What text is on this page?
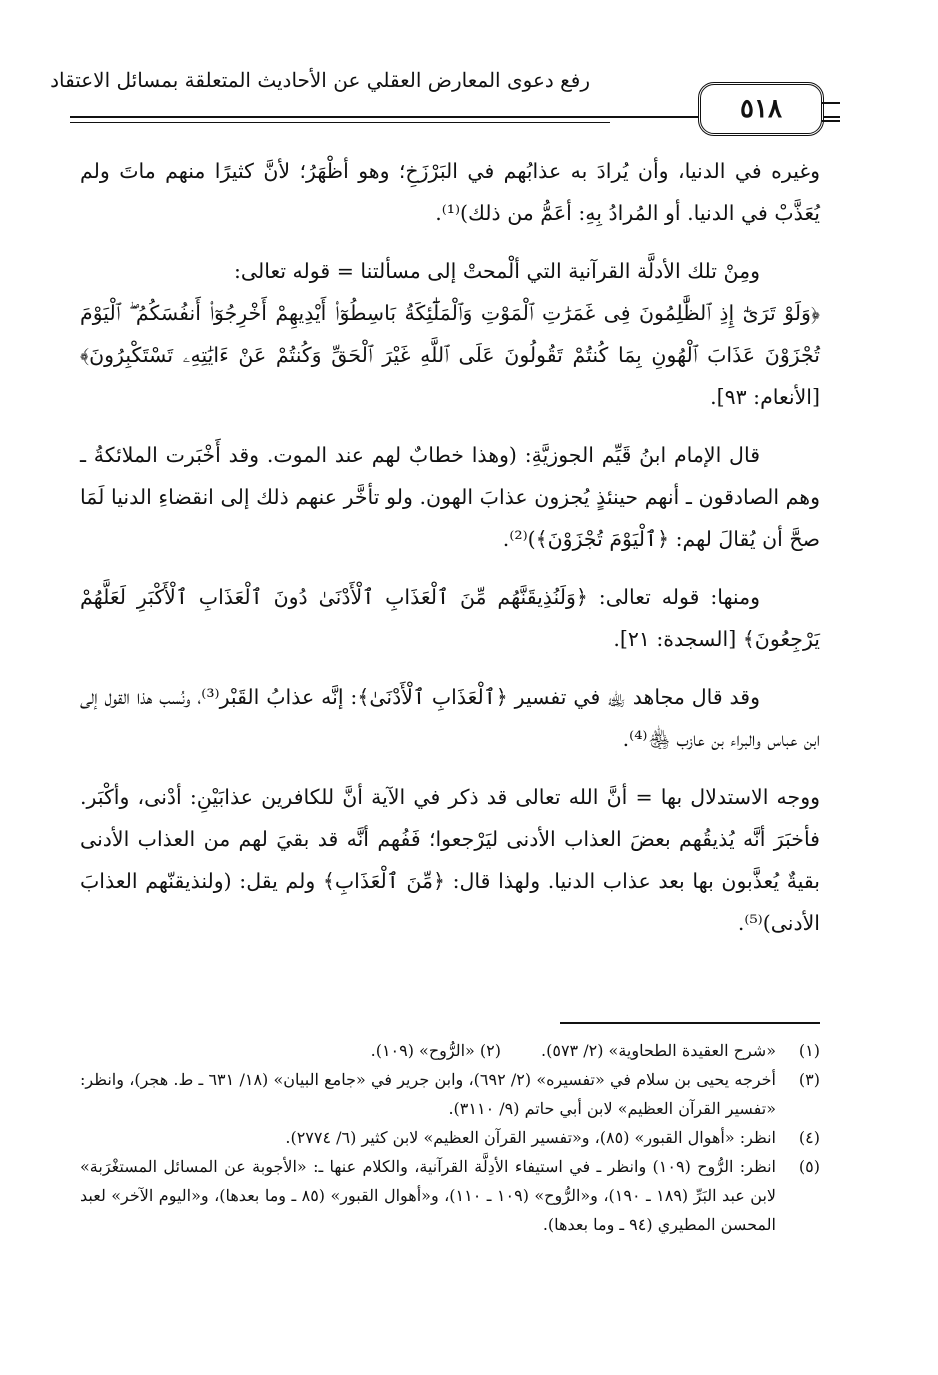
رفع دعوى المعارض العقلي عن الأحاديث المتعلقة بمسائل الاعتقاد
٥١٨

وغيره في الدنيا، وأن يُرادَ به عذابُهم في البَرْزَخِ؛ وهو أظْهَرُ؛ لأنَّ كثيرًا منهم ماتَ ولم يُعَذَّبْ في الدنيا. أو المُرادُ بِهِ: أعَمُّ من ذلك)⁽¹⁾.

ومِنْ تلك الأدلَّة القرآنية التي ألْمحتْ إلى مسألتنا = قوله تعالى:
﴿وَلَوْ تَرَىٰٓ إِذِ ٱلظَّٰلِمُونَ فِى غَمَرَٰتِ ٱلْمَوْتِ وَٱلْمَلَٰٓئِكَةُ بَاسِطُوٓا۟ أَيْدِيهِمْ أَخْرِجُوٓا۟ أَنفُسَكُمُ ۖ ٱلْيَوْمَ تُجْزَوْنَ عَذَابَ ٱلْهُونِ بِمَا كُنتُمْ تَقُولُونَ عَلَى ٱللَّهِ غَيْرَ ٱلْحَقِّ وَكُنتُمْ عَنْ ءَايَٰتِهِۦ تَسْتَكْبِرُونَ﴾ [الأنعام: ٩٣].

قال الإمام ابنُ قَيِّم الجوزيَّةِ: (وهذا خطابٌ لهم عند الموت. وقد أَخْبَرت الملائكةُ ـ وهم الصادقون ـ أنهم حينئذٍ يُجزون عذابَ الهون. ولو تأخَّر عنهم ذلك إلى انقضاءِ الدنيا لَمَا صحَّ أن يُقالَ لهم: ﴿ٱلْيَوْمَ تُجْزَوْنَ﴾)⁽²⁾.

ومنها: قوله تعالى: ﴿وَلَنُذِيقَنَّهُم مِّنَ ٱلْعَذَابِ ٱلْأَدْنَىٰ دُونَ ٱلْعَذَابِ ٱلْأَكْبَرِ لَعَلَّهُمْ يَرْجِعُونَ﴾ [السجدة: ٢١].

وقد قال مجاهد ﵀ في تفسير ﴿ٱلْعَذَابِ ٱلْأَدْنَىٰ﴾: إنَّه عذابُ القَبْر⁽³⁾، ونُسب هذا القول إلى ابن عباس والبراء بن عازب ﵃⁽⁴⁾.

ووجه الاستدلال بها = أنَّ الله تعالى قد ذكر في الآية أنَّ للكافرين عذابَيْنِ: أدْنى، وأكْبَر. فأخبَرَ أنَّه يُذيقُهم بعضَ العذاب الأدنى ليَرْجعوا؛ فَفُهم أنَّه قد بقيَ لهم من العذاب الأدنى بقيةٌ يُعذَّبون بها بعد عذاب الدنيا. ولهذا قال: ﴿مِّنَ ٱلْعَذَابِ﴾ ولم يقل: (ولنذيقنّهم العذابَ الأدنى)⁽⁵⁾.

(١)
«شرح العقيدة الطحاوية» (٢/ ٥٧٣).
(٢)

«الرُّوح» (١٠٩).
(٣)
أخرجه يحيى بن سلام في «تفسيره» (٢/ ٦٩٢)، وابن جرير في «جامع البيان» (١٨/ ٦٣١ ـ ط. هجر)، وانظر: «تفسير القرآن العظيم» لابن أبي حاتم (٩/ ٣١١٠).
(٤)
انظر: «أهوال القبور» (٨٥)، و«تفسير القرآن العظيم» لابن كثير (٦/ ٢٧٧٤).
(٥)
انظر: الرُّوح (١٠٩) وانظر ـ في استيفاء الأدِلَّة القرآنية، والكلام عنها ـ: «الأجوبة عن المسائل المستغْرَبة» لابن عبد البَرِّ (١٨٩ ـ ١٩٠)، و«الرُّوح» (١٠٩ ـ ١١٠)، و«أهوال القبور» (٨٥ ـ وما بعدها)، و«اليوم الآخر» لعبد المحسن المطيري (٩٤ ـ وما بعدها).
